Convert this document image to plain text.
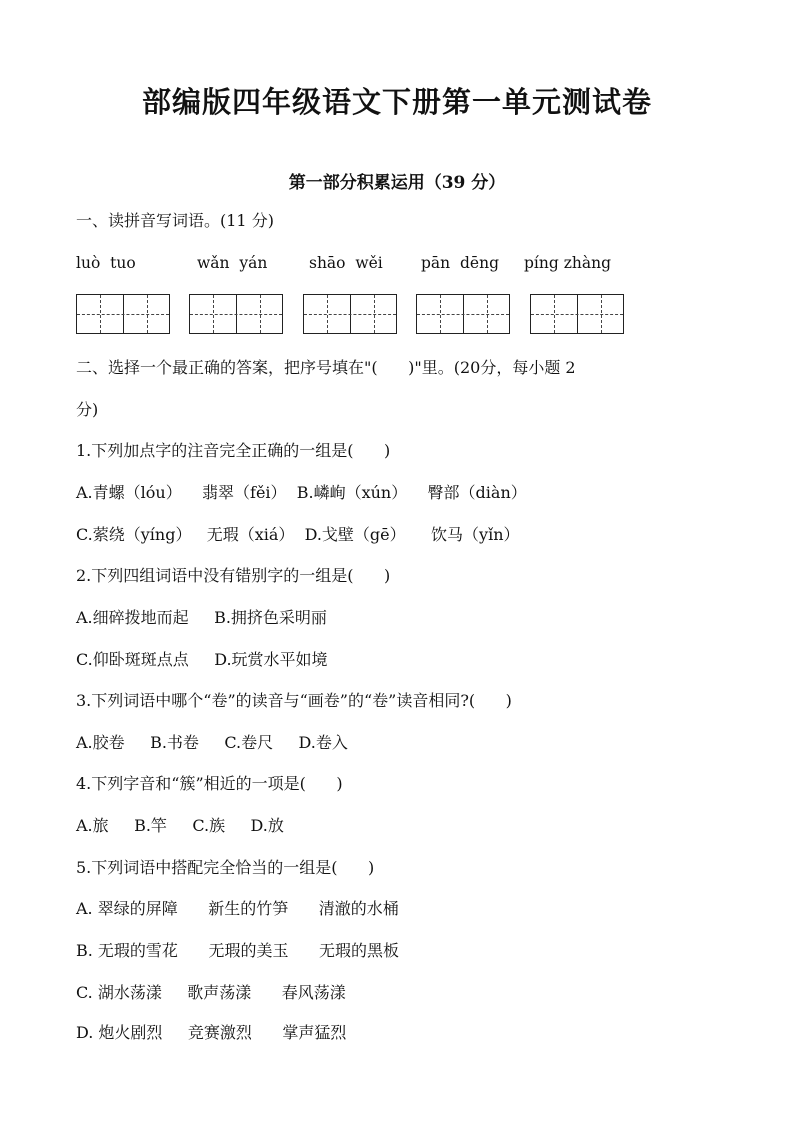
部编版四年级语文下册第一单元测试卷
第一部分积累运用（39 分）
一、读拼音写词语。(11 分)
luò  tuo	wǎn  yán	shāo  wěi pān  dēng píng zhàng
二、选择一个最正确的答案，把序号填在"(      )"里。(20分，每小题 2
分)
1.下列加点字的注音完全正确的一组是(      )
A.青螺（lóu）    翡翠（fěi）  B.嶙峋（xún）    臀部（diàn）
C.萦绕（yíng）   无瑕（xiá）  D.戈壁（gē）     饮马（yǐn）
2.下列四组词语中没有错别字的一组是(      )
A.细碎拨地而起     B.拥挤色采明丽
C.仰卧斑斑点点     D.玩赏水平如境
3.下列词语中哪个“卷”的读音与“画卷”的“卷”读音相同?(      )
A.胶卷     B.书卷     C.卷尺     D.卷入
4.下列字音和“簇”相近的一项是(      )
A.旅     B.竿     C.族     D.放
5.下列词语中搭配完全恰当的一组是(      )
A. 翠绿的屏障      新生的竹笋      清澈的水桶
B. 无瑕的雪花      无瑕的美玉      无瑕的黑板
C. 湖水荡漾     歌声荡漾      春风荡漾
D. 炮火剧烈     竞赛激烈      掌声猛烈
